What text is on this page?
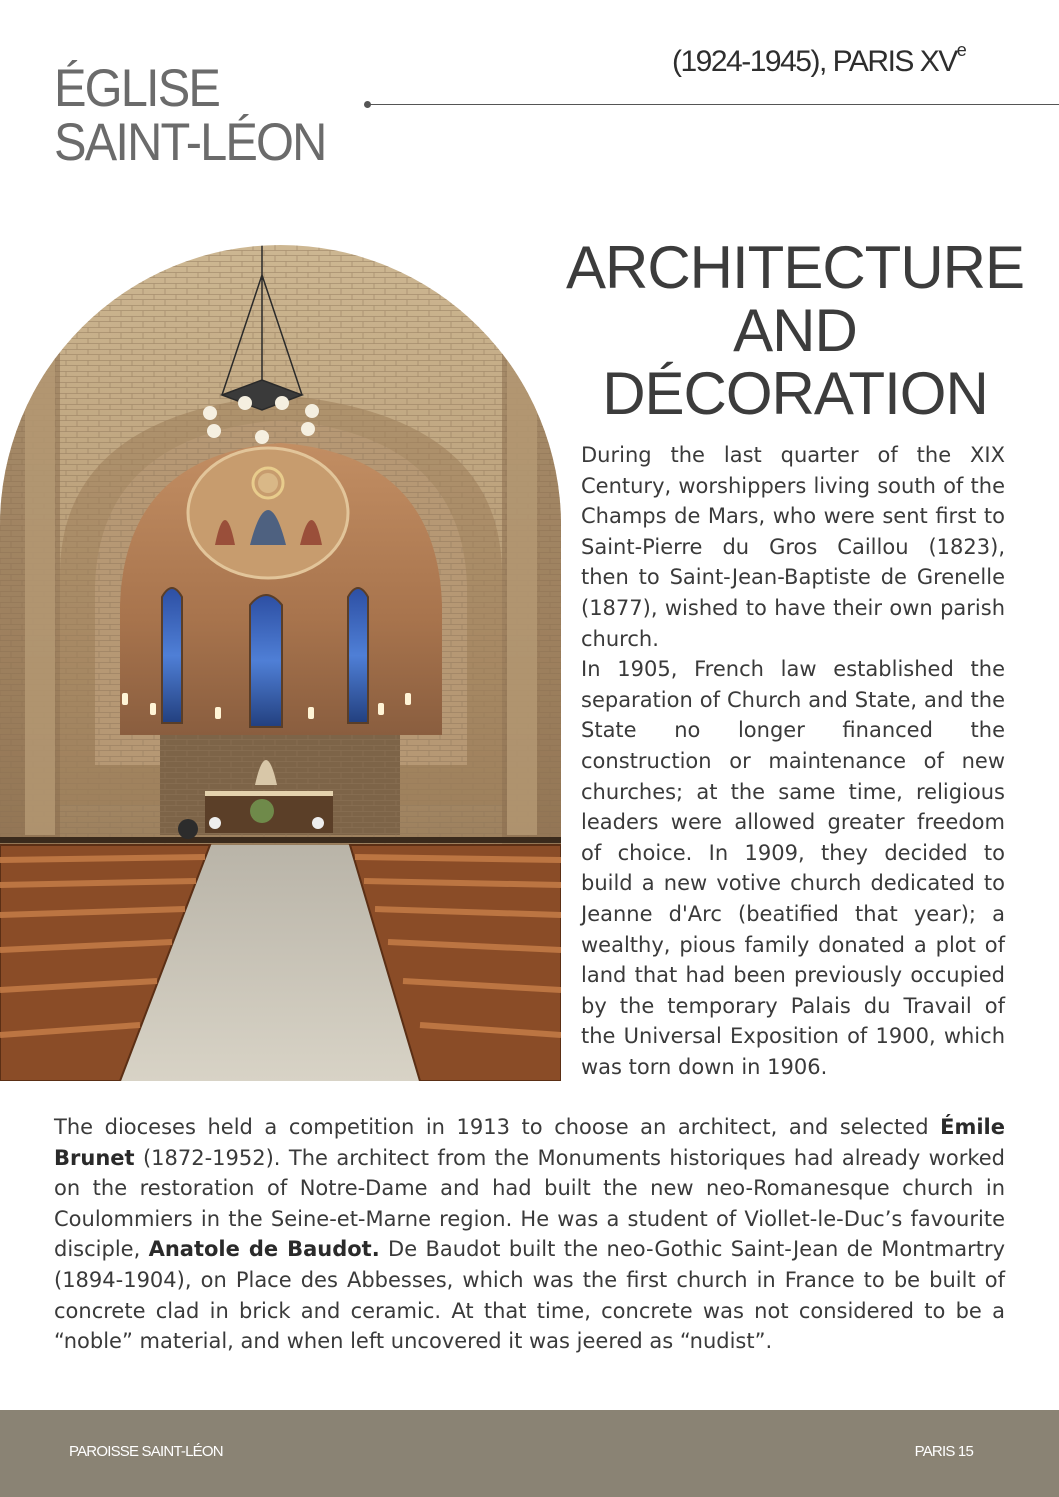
ÉGLISE
SAINT-LÉON
(1924-1945), PARIS XVe
ARCHITECTURE
AND
DÉCORATION

During the last quarter of the XIX Century, worshippers living south of the Champs de Mars, who were sent first to Saint-Pierre du Gros Caillou (1823), then to Saint-Jean-Baptiste de Grenelle (1877), wished to have their own parish church.

In 1905, French law established the separation of Church and State, and the State no longer financed the construction or maintenance of new churches; at the same time, religious leaders were allowed greater freedom of choice. In 1909, they decided to build a new votive church dedicated to Jeanne d'Arc (beatified that year); a wealthy, pious family donated a plot of land that had been previously occupied by the temporary Palais du Travail of the Universal Exposition of 1900, which was torn down in 1906.

The dioceses held a competition in 1913 to choose an architect, and selected Émile Brunet (1872-1952). The architect from the Monuments historiques had already worked on the restoration of Notre-Dame and had built the new neo-Romanesque church in Coulommiers in the Seine-et-Marne region. He was a student of Viollet-le-Duc’s favourite disciple, Anatole de Baudot. De Baudot built the neo-Gothic Saint-Jean de Montmartry (1894-1904), on Place des Abbesses, which was the first church in France to be built of concrete clad in brick and ceramic. At that time, concrete was not considered to be a “noble” material, and when left uncovered it was jeered as “nudist”.

PAROISSE SAINT-LÉON	PARIS 15
